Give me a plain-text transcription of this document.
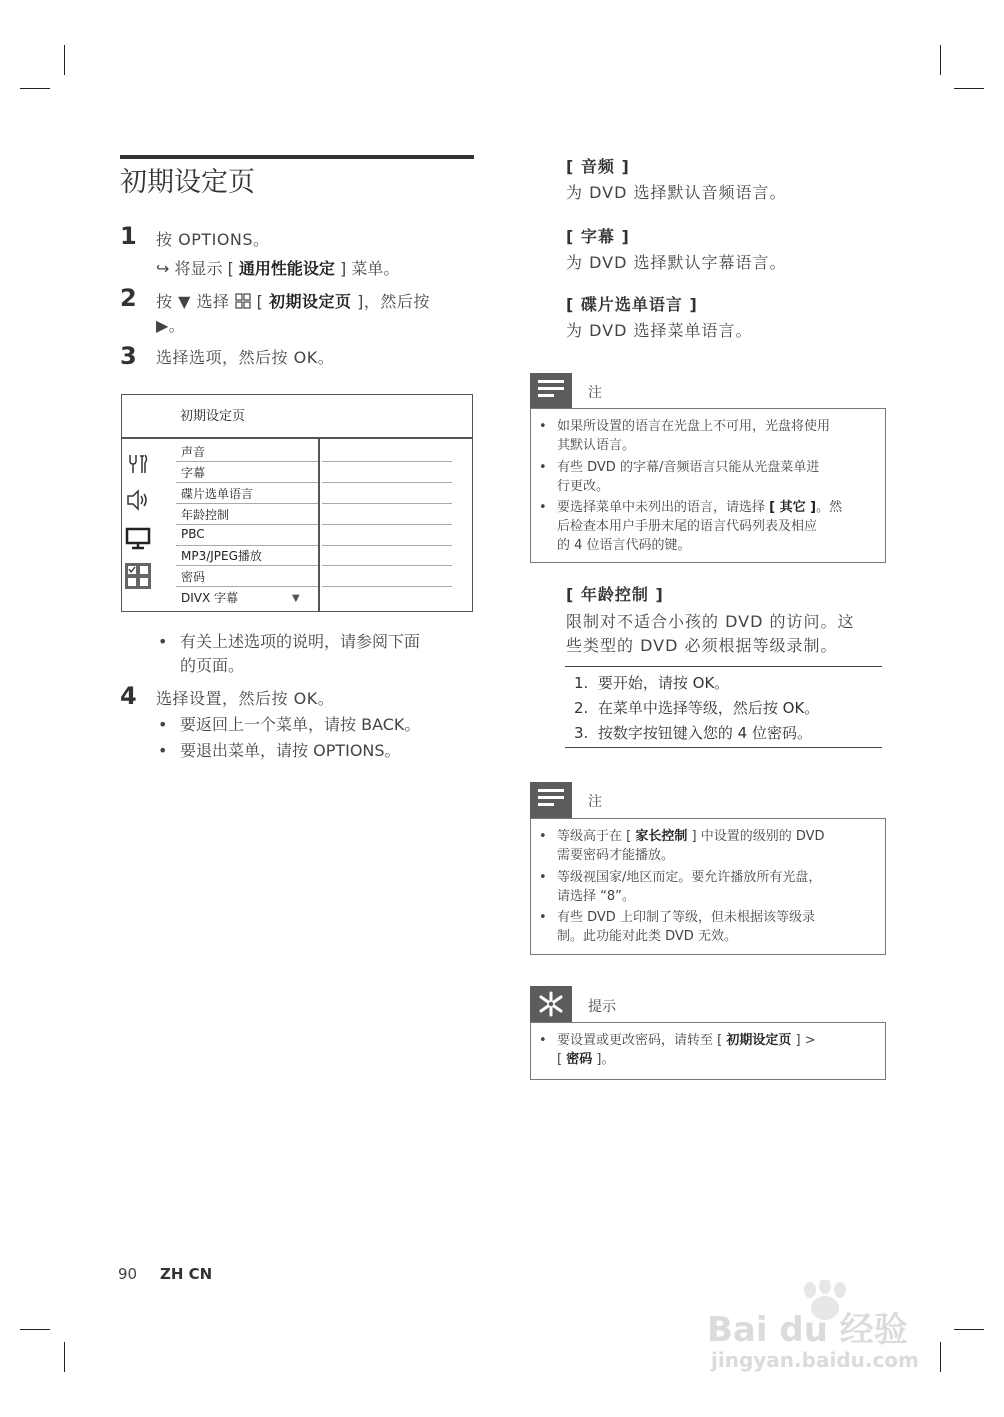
初期设定页
1 按 OPTIONS。
↪ 将显示 [ 通用性能设定 ] 菜单。
2 按 ▼ 选择  [ 初期设定页 ]，然后按
▶。
3 选择选项，然后按 OK。
初期设定页
声音
字幕
碟片选单语言
年龄控制
PBC
MP3/JPEG播放
密码
DIVX 字幕	▼
• 有关上述选项的说明，请参阅下面
的页面。
4 选择设置，然后按 OK。
• 要返回上一个菜单，请按 BACK。
• 要退出菜单，请按 OPTIONS。
[ 音频 ]
为 DVD 选择默认音频语言。
[ 字幕 ]
为 DVD 选择默认字幕语言。
[ 碟片选单语言 ]
为 DVD 选择菜单语言。
注
• 如果所设置的语言在光盘上不可用，光盘将使用
其默认语言。
• 有些 DVD 的字幕/音频语言只能从光盘菜单进
行更改。
• 要选择菜单中未列出的语言，请选择 [ 其它 ]。然
后检查本用户手册末尾的语言代码列表及相应
的 4 位语言代码的键。
[ 年龄控制 ]
限制对不适合小孩的 DVD 的访问。这
些类型的 DVD 必须根据等级录制。
1. 要开始，请按 OK。
2. 在菜单中选择等级，然后按 OK。
3. 按数字按钮键入您的 4 位密码。
注
• 等级高于在 [ 家长控制 ] 中设置的级别的 DVD
需要密码才能播放。
• 等级视国家/地区而定。要允许播放所有光盘，
请选择 “8”。
• 有些 DVD 上印制了等级，但未根据该等级录
制。此功能对此类 DVD 无效。
提示
• 要设置或更改密码，请转至 [ 初期设定页 ] >
[ 密码 ]。
90 ZH CN
Bai du 经验
jingyan.baidu.com
